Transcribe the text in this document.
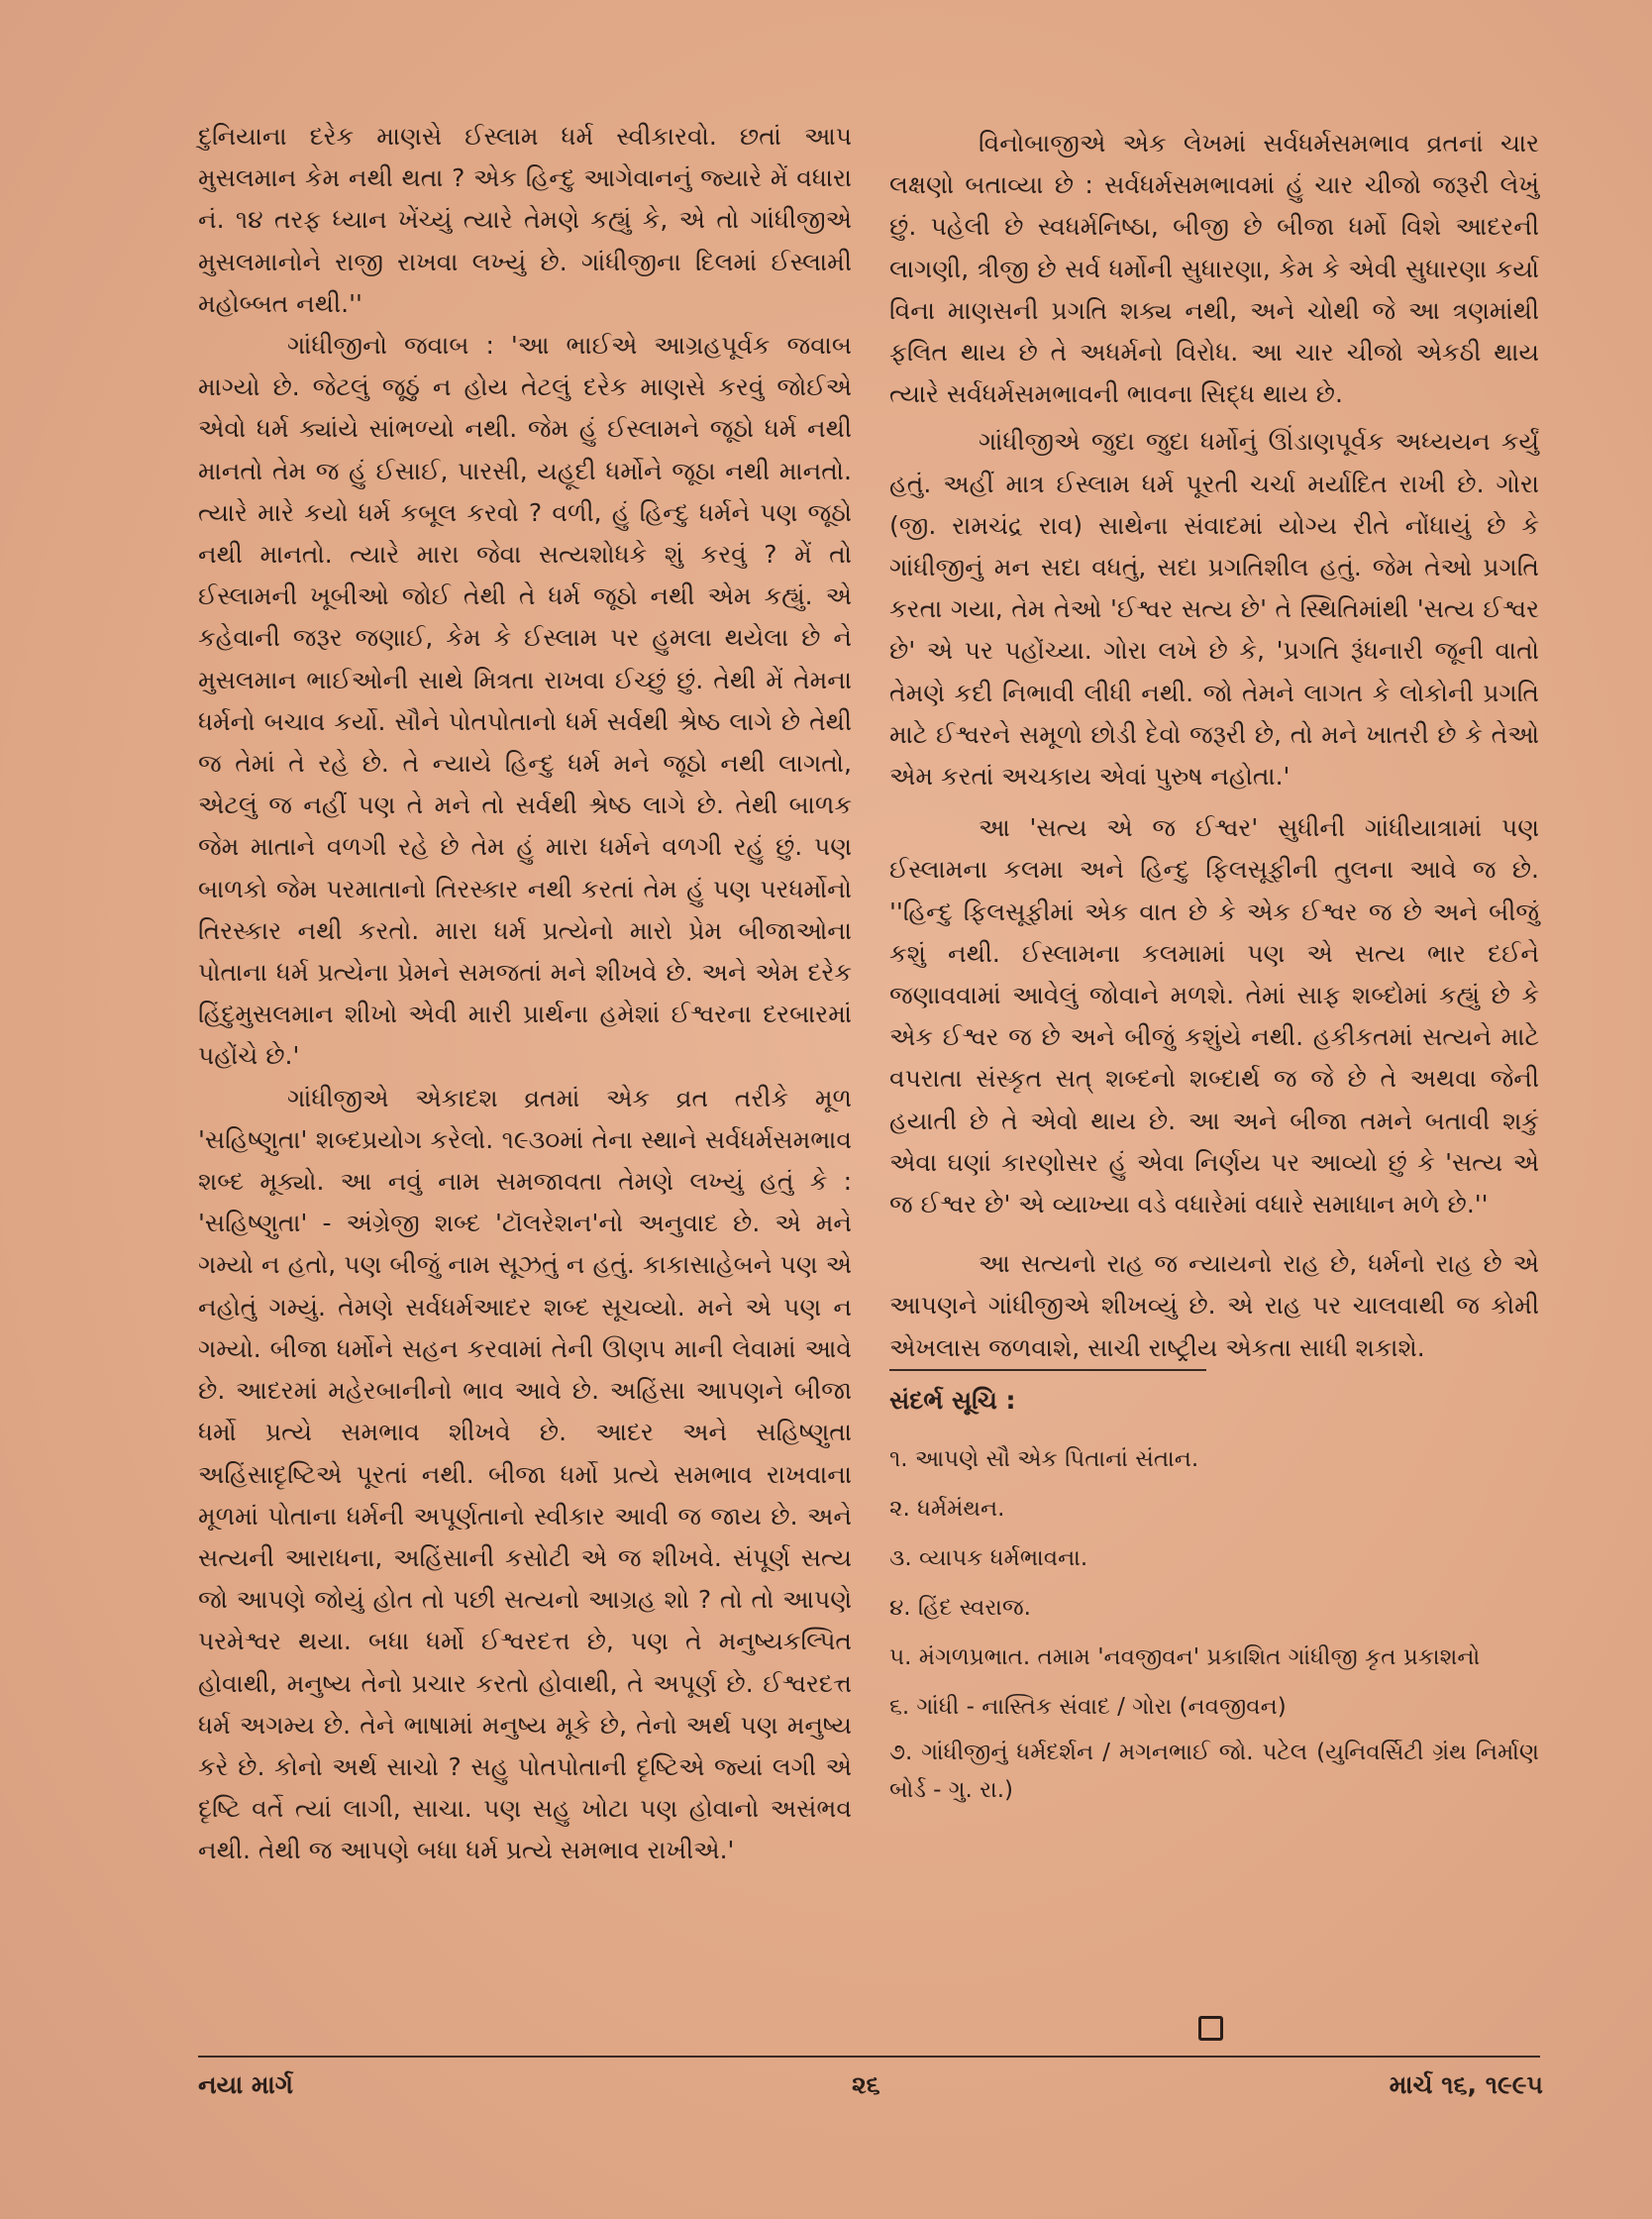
દુનિયાના દરેક માણસે ઈસ્લામ ધર્મ સ્વીકારવો. છતાં આપ મુસલમાન કેમ નથી થતા ? એક હિન્દુ આગેવાનનું જ્યારે મેં વધારા નં. ૧૪ તરફ ધ્યાન ખેંચ્યું ત્યારે તેમણે કહ્યું કે, એ તો ગાંધીજીએ મુસલમાનોને રાજી રાખવા લખ્યું છે. ગાંધીજીના દિલમાં ઈસ્લામી મહોબ્બત નથી.''

ગાંધીજીનો જવાબ : 'આ ભાઈએ આગ્રહપૂર્વક જવાબ માગ્યો છે. જેટલું જૂઠું ન હોય તેટલું દરેક માણસે કરવું જોઈએ એવો ધર્મ ક્યાંયે સાંભળ્યો નથી. જેમ હું ઈસ્લામને જૂઠો ધર્મ નથી માનતો તેમ જ હું ઈસાઈ, પારસી, યહૂદી ધર્મોને જૂઠા નથી માનતો. ત્યારે મારે કયો ધર્મ કબૂલ કરવો ? વળી, હું હિન્દુ ધર્મને પણ જૂઠો નથી માનતો. ત્યારે મારા જેવા સત્યશોધકે શું કરવું ? મેં તો ઈસ્લામની ખૂબીઓ જોઈ તેથી તે ધર્મ જૂઠો નથી એમ કહ્યું. એ કહેવાની જરૂર જણાઈ, કેમ કે ઈસ્લામ પર હુમલા થયેલા છે ને મુસલમાન ભાઈઓની સાથે મિત્રતા રાખવા ઈચ્છું છું. તેથી મેં તેમના ધર્મનો બચાવ કર્યો. સૌને પોતપોતાનો ધર્મ સર્વથી શ્રેષ્ઠ લાગે છે તેથી જ તેમાં તે રહે છે. તે ન્યાયે હિન્દુ ધર્મ મને જૂઠો નથી લાગતો, એટલું જ નહીં પણ તે મને તો સર્વથી શ્રેષ્ઠ લાગે છે. તેથી બાળક જેમ માતાને વળગી રહે છે તેમ હું મારા ધર્મને વળગી રહું છું. પણ બાળકો જેમ પરમાતાનો તિરસ્કાર નથી કરતાં તેમ હું પણ પરધર્મોનો તિરસ્કાર નથી કરતો. મારા ધર્મ પ્રત્યેનો મારો પ્રેમ બીજાઓના પોતાના ધર્મ પ્રત્યેના પ્રેમને સમજતાં મને શીખવે છે. અને એમ દરેક હિંદુમુસલમાન શીખો એવી મારી પ્રાર્થના હમેશાં ઈશ્વરના દરબારમાં પહોંચે છે.'

ગાંધીજીએ એકાદશ વ્રતમાં એક વ્રત તરીકે મૂળ 'સહિષ્ણુતા' શબ્દપ્રયોગ કરેલો. ૧૯૩૦માં તેના સ્થાને સર્વધર્મસમભાવ શબ્દ મૂક્યો. આ નવું નામ સમજાવતા તેમણે લખ્યું હતું કે : 'સહિષ્ણુતા' - અંગ્રેજી શબ્દ 'ટૉલરેશન'નો અનુવાદ છે. એ મને ગમ્યો ન હતો, પણ બીજું નામ સૂઝતું ન હતું. કાકાસાહેબને પણ એ નહોતું ગમ્યું. તેમણે સર્વધર્મઆદર શબ્દ સૂચવ્યો. મને એ પણ ન ગમ્યો. બીજા ધર્મોને સહન કરવામાં તેની ઊણપ માની લેવામાં આવે છે. આદરમાં મહેરબાનીનો ભાવ આવે છે. અહિંસા આપણને બીજા ધર્મો પ્રત્યે સમભાવ શીખવે છે. આદર અને સહિષ્ણુતા અહિંસાદૃષ્ટિએ પૂરતાં નથી. બીજા ધર્મો પ્રત્યે સમભાવ રાખવાના મૂળમાં પોતાના ધર્મની અપૂર્ણતાનો સ્વીકાર આવી જ જાય છે. અને સત્યની આરાધના, અહિંસાની કસોટી એ જ શીખવે. સંપૂર્ણ સત્ય જો આપણે જોયું હોત તો પછી સત્યનો આગ્રહ શો ? તો તો આપણે પરમેશ્વર થયા. બધા ધર્મો ઈશ્વરદત્ત છે, પણ તે મનુષ્યકલ્પિત હોવાથી, મનુષ્ય તેનો પ્રચાર કરતો હોવાથી, તે અપૂર્ણ છે. ઈશ્વરદત્ત ધર્મ અગમ્ય છે. તેને ભાષામાં મનુષ્ય મૂકે છે, તેનો અર્થ પણ મનુષ્ય કરે છે. કોનો અર્થ સાચો ? સહુ પોતપોતાની દૃષ્ટિએ જ્યાં લગી એ દૃષ્ટિ વર્તે ત્યાં લાગી, સાચા. પણ સહુ ખોટા પણ હોવાનો અસંભવ નથી. તેથી જ આપણે બધા ધર્મ પ્રત્યે સમભાવ રાખીએ.'

વિનોબાજીએ એક લેખમાં સર્વધર્મસમભાવ વ્રતનાં ચાર લક્ષણો બતાવ્યા છે : સર્વધર્મસમભાવમાં હું ચાર ચીજો જરૂરી લેખું છું. પહેલી છે સ્વધર્મનિષ્ઠા, બીજી છે બીજા ધર્મો વિશે આદરની લાગણી, ત્રીજી છે સર્વ ધર્મોની સુધારણા, કેમ કે એવી સુધારણા કર્યા વિના માણસની પ્રગતિ શક્ય નથી, અને ચોથી જે આ ત્રણમાંથી ફલિત થાય છે તે અધર્મનો વિરોધ. આ ચાર ચીજો એકઠી થાય ત્યારે સર્વધર્મસમભાવની ભાવના સિદ્ધ થાય છે.

ગાંધીજીએ જુદા જુદા ધર્મોનું ઊંડાણપૂર્વક અધ્યયન કર્યું હતું. અહીં માત્ર ઈસ્લામ ધર્મ પૂરતી ચર્ચા મર્યાદિત રાખી છે. ગોરા (જી. રામચંદ્ર રાવ) સાથેના સંવાદમાં યોગ્ય રીતે નોંધાયું છે કે ગાંધીજીનું મન સદા વધતું, સદા પ્રગતિશીલ હતું. જેમ તેઓ પ્રગતિ કરતા ગયા, તેમ તેઓ 'ઈશ્વર સત્ય છે' તે સ્થિતિમાંથી 'સત્ય ઈશ્વર છે' એ પર પહોંચ્યા. ગોરા લખે છે કે, 'પ્રગતિ રૂંધનારી જૂની વાતો તેમણે કદી નિભાવી લીધી નથી. જો તેમને લાગત કે લોકોની પ્રગતિ માટે ઈશ્વરને સમૂળો છોડી દેવો જરૂરી છે, તો મને ખાતરી છે કે તેઓ એમ કરતાં અચકાય એવાં પુરુષ નહોતા.'

આ 'સત્ય એ જ ઈશ્વર' સુધીની ગાંધીયાત્રામાં પણ ઈસ્લામના કલમા અને હિન્દુ ફિલસૂફીની તુલના આવે જ છે. ''હિન્દુ ફિલસૂફીમાં એક વાત છે કે એક ઈશ્વર જ છે અને બીજું કશું નથી. ઈસ્લામના કલમામાં પણ એ સત્ય ભાર દઈને જણાવવામાં આવેલું જોવાને મળશે. તેમાં સાફ શબ્દોમાં કહ્યું છે કે એક ઈશ્વર જ છે અને બીજું કશુંયે નથી. હકીકતમાં સત્યને માટે વપરાતા સંસ્કૃત સત્ શબ્દનો શબ્દાર્થ જ જે છે તે અથવા જેની હયાતી છે તે એવો થાય છે. આ અને બીજા તમને બતાવી શકું એવા ઘણાં કારણોસર હું એવા નિર્ણય પર આવ્યો છું કે 'સત્ય એ જ ઈશ્વર છે' એ વ્યાખ્યા વડે વધારેમાં વધારે સમાધાન મળે છે.''

આ સત્યનો રાહ જ ન્યાયનો રાહ છે, ધર્મનો રાહ છે એ આપણને ગાંધીજીએ શીખવ્યું છે. એ રાહ પર ચાલવાથી જ કોમી એખલાસ જળવાશે, સાચી રાષ્ટ્રીય એકતા સાધી શકાશે.

સંદર્ભ સૂચિ :
૧. આપણે સૌ એક પિતાનાં સંતાન.
૨. ધર્મમંથન.
૩. વ્યાપક ધર્મભાવના.
૪. હિંદ સ્વરાજ.
૫. મંગળપ્રભાત. તમામ 'નવજીવન' પ્રકાશિત ગાંધીજી કૃત પ્રકાશનો
૬. ગાંધી - નાસ્તિક સંવાદ / ગોરા (નવજીવન)
૭. ગાંધીજીનું ધર્મદર્શન / મગનભાઈ જો. પટેલ (યુનિવર્સિટી ગ્રંથ નિર્માણ બોર્ડ - ગુ. રા.)
નયા માર્ગ	૨૬	માર્ચ ૧૬, ૧૯૯૫
